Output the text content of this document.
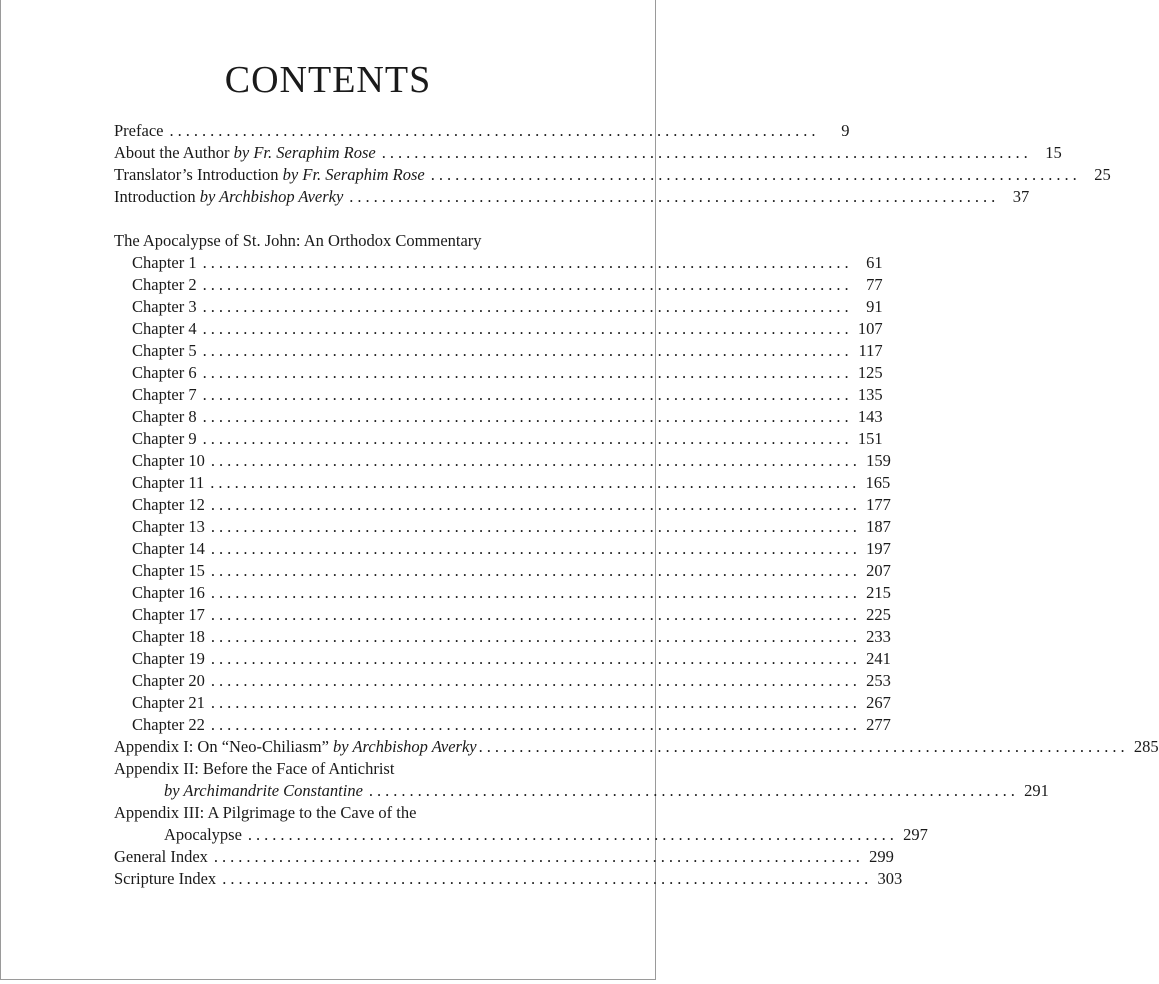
CONTENTS
Preface ................................................................................	9
About the Author by Fr. Seraphim Rose ................................................................................ 15
Translator’s Introduction by Fr. Seraphim Rose ................................................................................ 25
Introduction by Archbishop Averky ................................................................................ 37
The Apocalypse of St. John: An Orthodox Commentary
Chapter 1 ................................................................................ 61
Chapter 2 ................................................................................ 77
Chapter 3 ................................................................................ 91
Chapter 4 ................................................................................ 107
Chapter 5 ................................................................................ 117
Chapter 6 ................................................................................ 125
Chapter 7 ................................................................................ 135
Chapter 8 ................................................................................ 143
Chapter 9 ................................................................................ 151
Chapter 10 ................................................................................ 159
Chapter 11 ................................................................................ 165
Chapter 12 ................................................................................ 177
Chapter 13 ................................................................................ 187
Chapter 14 ................................................................................ 197
Chapter 15 ................................................................................ 207
Chapter 16 ................................................................................ 215
Chapter 17 ................................................................................ 225
Chapter 18 ................................................................................ 233
Chapter 19 ................................................................................ 241
Chapter 20 ................................................................................ 253
Chapter 21 ................................................................................ 267
Chapter 22 ................................................................................ 277
Appendix I: On “Neo-Chiliasm” by Archbishop Averky ................................................................................ 285
Appendix II: Before the Face of Antichrist
by Archimandrite Constantine ................................................................................ 291
Appendix III: A Pilgrimage to the Cave of the
Apocalypse ................................................................................ 297
General Index ................................................................................ 299
Scripture Index ................................................................................ 303
